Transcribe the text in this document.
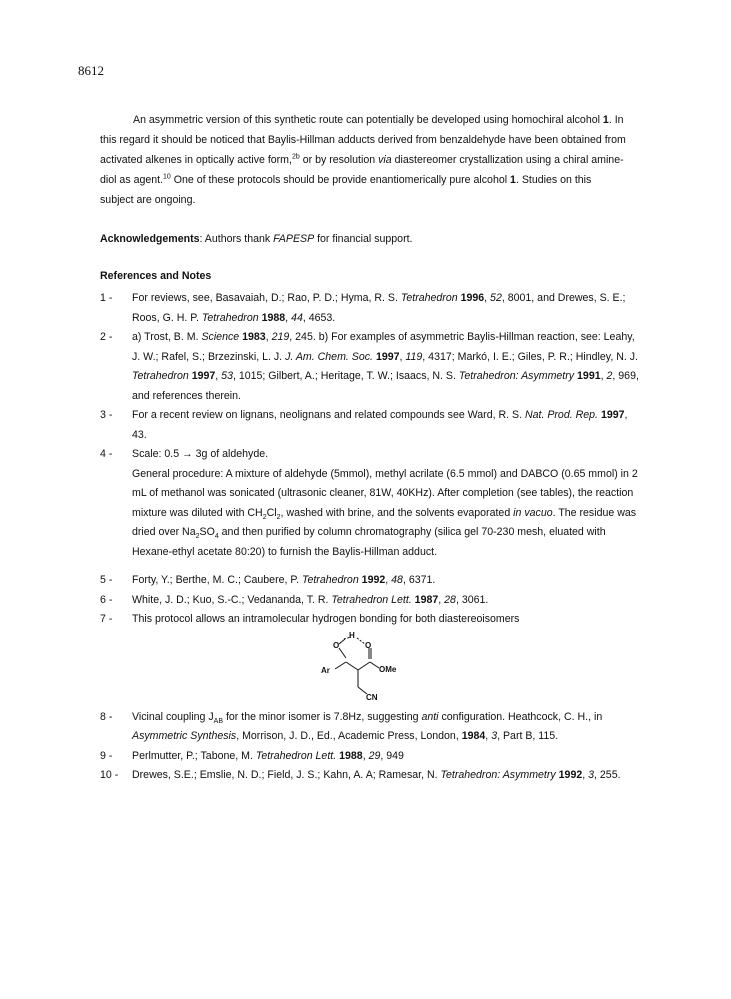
8612

An asymmetric version of this synthetic route can potentially be developed using homochiral alcohol 1. In this regard it should be noticed that Baylis-Hillman adducts derived from benzaldehyde have been obtained from activated alkenes in optically active form,$^{2b}$ or by resolution via diastereomer crystallization using a chiral amine-diol as agent.$^{10}$ One of these protocols should be provide enantiomerically pure alcohol 1. Studies on this subject are ongoing.

Acknowledgements: Authors thank FAPESP for financial support.
References and Notes
1 -	For reviews, see, Basavaiah, D.; Rao, P. D.; Hyma, R. S. Tetrahedron 1996, 52, 8001, and Drewes, S. E.; Roos, G. H. P. Tetrahedron 1988, 44, 4653.
2 -	a) Trost, B. M. Science 1983, 219, 245. b) For examples of asymmetric Baylis-Hillman reaction, see: Leahy, J. W.; Rafel, S.; Brzezinski, L. J. J. Am. Chem. Soc. 1997, 119, 4317; Markó, I. E.; Giles, P. R.; Hindley, N. J. Tetrahedron 1997, 53, 1015; Gilbert, A.; Heritage, T. W.; Isaacs, N. S. Tetrahedron: Asymmetry 1991, 2, 969, and references therein.
3 -	For a recent review on lignans, neolignans and related compounds see Ward, R. S. Nat. Prod. Rep. 1997, 43.
4 -	Scale: 0.5 → 3g of aldehyde.
General procedure: A mixture of aldehyde (5mmol), methyl acrilate (6.5 mmol) and DABCO (0.65 mmol) in 2 mL of methanol was sonicated (ultrasonic cleaner, 81W, 40KHz). After completion (see tables), the reaction mixture was diluted with $CH_2Cl_2$, washed with brine, and the solvents evaporated in vacuo. The residue was dried over $Na_2SO_4$ and then purified by column chromatography (silica gel 70-230 mesh, eluated with Hexane-ethyl acetate 80:20) to furnish the Baylis-Hillman adduct.
5 -	Forty, Y.; Berthe, M. C.; Caubere, P. Tetrahedron 1992, 48, 6371.
6 -	White, J. D.; Kuo, S.-C.; Vedananda, T. R. Tetrahedron Lett. 1987, 28, 3061.
7 -	This protocol allows an intramolecular hydrogen bonding for both diastereoisomers
O
H
O
Ar	OMe
CN
8 -	Vicinal coupling $J_{AB}$ for the minor isomer is 7.8Hz, suggesting anti configuration. Heathcock, C. H., in Asymmetric Synthesis, Morrison, J. D., Ed., Academic Press, London, 1984, 3, Part B, 115.
9 -	Perlmutter, P.; Tabone, M. Tetrahedron Lett. 1988, 29, 949
10 -	Drewes, S.E.; Emslie, N. D.; Field, J. S.; Kahn, A. A; Ramesar, N. Tetrahedron: Asymmetry 1992, 3, 255.
